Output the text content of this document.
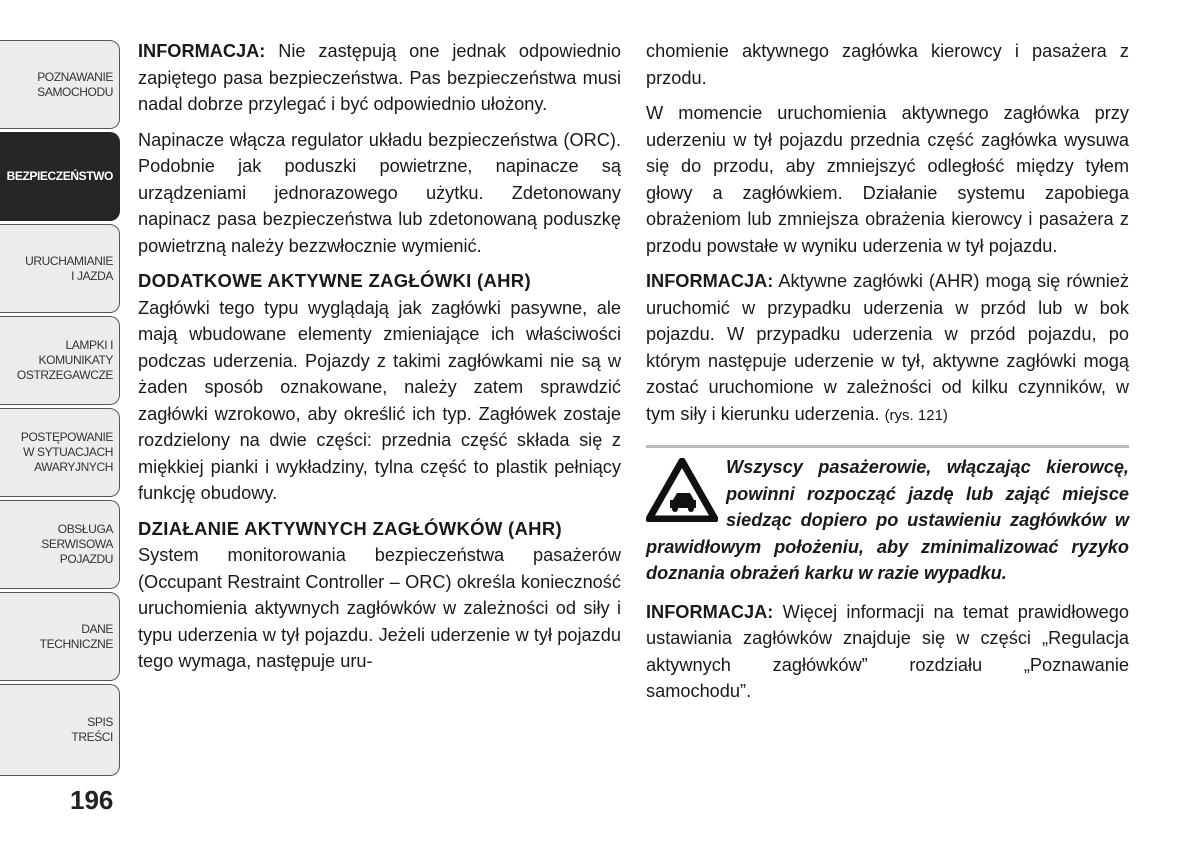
POZNAWANIE
SAMOCHODU
BEZPIECZEŃSTWO
URUCHAMIANIE
I JAZDA
LAMPKI I
KOMUNIKATY
OSTRZEGAWCZE
POSTĘPOWANIE
W SYTUACJACH
AWARYJNYCH
OBSŁUGA
SERWISOWA
POJAZDU
DANE
TECHNICZNE
SPIS
TREŚCI
196

INFORMACJA: Nie zastępują one jednak odpowiednio zapiętego pasa bezpieczeństwa. Pas bezpieczeństwa musi nadal dobrze przylegać i być odpowiednio ułożony.

Napinacze włącza regulator układu bezpieczeństwa (ORC). Podobnie jak poduszki powietrzne, napinacze są urządzeniami jednorazowego użytku. Zdetonowany napinacz pasa bezpieczeństwa lub zdetonowaną poduszkę powietrzną należy bezzwłocznie wymienić.

DODATKOWE AKTYWNE ZAGŁÓWKI (AHR)

Zagłówki tego typu wyglądają jak zagłówki pasywne, ale mają wbudowane elementy zmieniające ich właściwości podczas uderzenia. Pojazdy z takimi zagłówkami nie są w żaden sposób oznakowane, należy zatem sprawdzić zagłówki wzrokowo, aby określić ich typ. Zagłówek zostaje rozdzielony na dwie części: przednia część składa się z miękkiej pianki i wykładziny, tylna część to plastik pełniący funkcję obudowy.

DZIAŁANIE AKTYWNYCH ZAGŁÓWKÓW (AHR)

System monitorowania bezpieczeństwa pasażerów (Occupant Restraint Controller – ORC) określa konieczność uruchomienia aktywnych zagłówków w zależności od siły i typu uderzenia w tył pojazdu. Jeżeli uderzenie w tył pojazdu tego wymaga, następuje uru-

chomienie aktywnego zagłówka kierowcy i pasażera z przodu.

W momencie uruchomienia aktywnego zagłówka przy uderzeniu w tył pojazdu przednia część zagłówka wysuwa się do przodu, aby zmniejszyć odległość między tyłem głowy a zagłówkiem. Działanie systemu zapobiega obrażeniom lub zmniejsza obrażenia kierowcy i pasażera z przodu powstałe w wyniku uderzenia w tył pojazdu.

INFORMACJA: Aktywne zagłówki (AHR) mogą się również uruchomić w przypadku uderzenia w przód lub w bok pojazdu. W przypadku uderzenia w przód pojazdu, po którym następuje uderzenie w tył, aktywne zagłówki mogą zostać uruchomione w zależności od kilku czynników, w tym siły i kierunku uderzenia. (rys. 121)

Wszyscy pasażerowie, włączając kierowcę, powinni rozpocząć jazdę lub zająć miejsce siedząc dopiero po ustawieniu zagłówków w prawidłowym położeniu, aby zminimalizować ryzyko doznania obrażeń karku w razie wypadku.

INFORMACJA: Więcej informacji na temat prawidłowego ustawiania zagłówków znajduje się w części „Regulacja aktywnych zagłówków” rozdziału „Poznawanie samochodu”.
